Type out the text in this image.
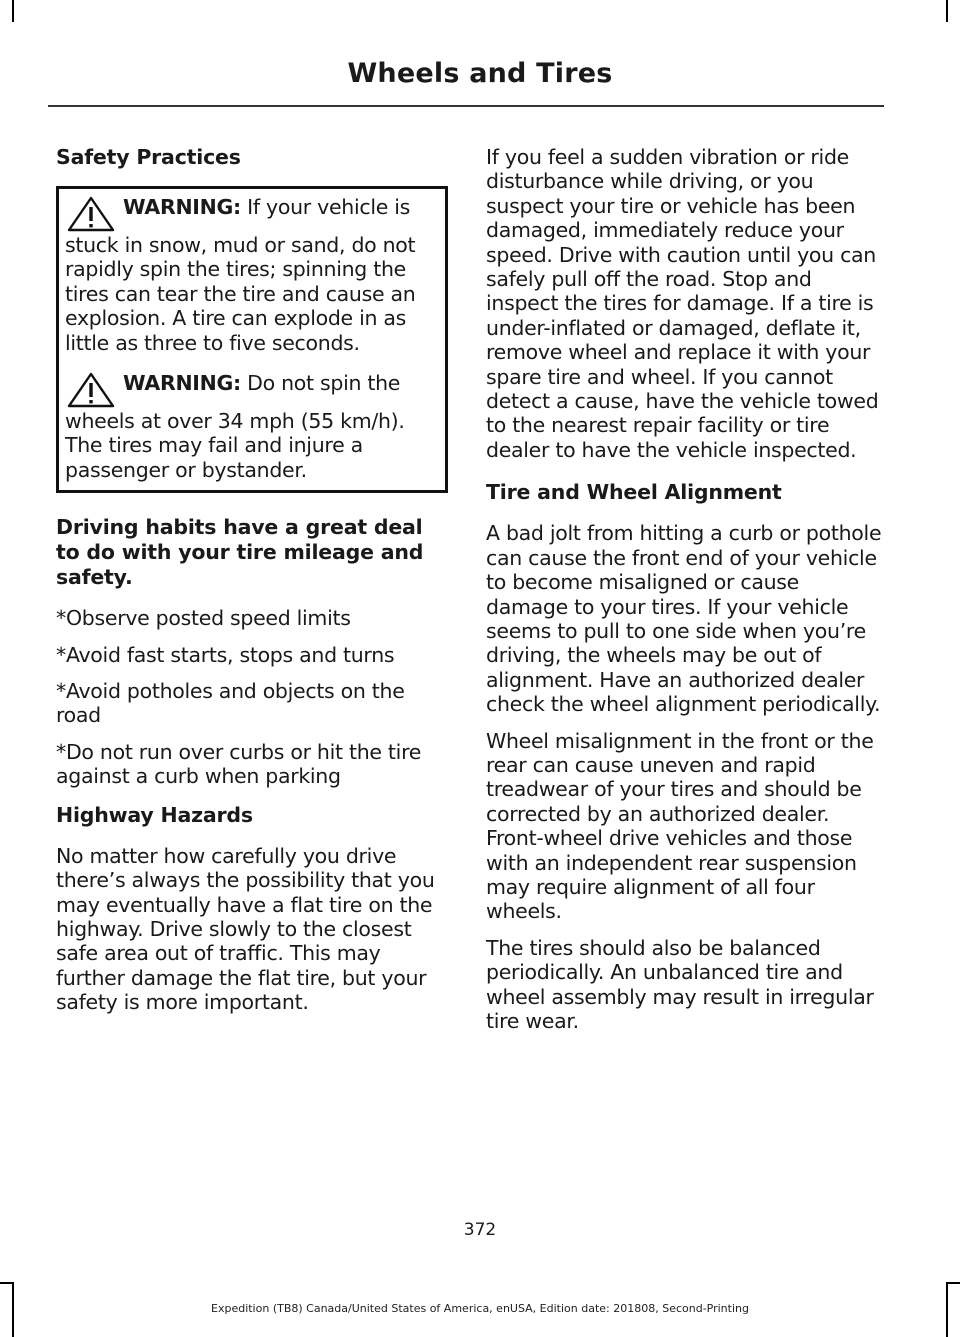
Wheels and Tires
Safety Practices
WARNING: If your vehicle is stuck in snow, mud or sand, do not rapidly spin the tires; spinning the tires can tear the tire and cause an explosion. A tire can explode in as little as three to five seconds.
WARNING: Do not spin the wheels at over 34 mph (55 km/h). The tires may fail and injure a passenger or bystander.
Driving habits have a great deal to do with your tire mileage and safety.

*Observe posted speed limits

*Avoid fast starts, stops and turns

*Avoid potholes and objects on the road

*Do not run over curbs or hit the tire against a curb when parking

Highway Hazards

No matter how carefully you drive there’s always the possibility that you may eventually have a flat tire on the highway. Drive slowly to the closest safe area out of traffic. This may further damage the flat tire, but your safety is more important.

If you feel a sudden vibration or ride disturbance while driving, or you suspect your tire or vehicle has been damaged, immediately reduce your speed. Drive with caution until you can safely pull off the road. Stop and inspect the tires for damage. If a tire is under-inflated or damaged, deflate it, remove wheel and replace it with your spare tire and wheel. If you cannot detect a cause, have the vehicle towed to the nearest repair facility or tire dealer to have the vehicle inspected.

Tire and Wheel Alignment

A bad jolt from hitting a curb or pothole can cause the front end of your vehicle to become misaligned or cause damage to your tires. If your vehicle seems to pull to one side when you’re driving, the wheels may be out of alignment. Have an authorized dealer check the wheel alignment periodically.

Wheel misalignment in the front or the rear can cause uneven and rapid treadwear of your tires and should be corrected by an authorized dealer. Front-wheel drive vehicles and those with an independent rear suspension may require alignment of all four wheels.

The tires should also be balanced periodically. An unbalanced tire and wheel assembly may result in irregular tire wear.

372
Expedition (TB8) Canada/United States of America, enUSA, Edition date: 201808, Second-Printing
